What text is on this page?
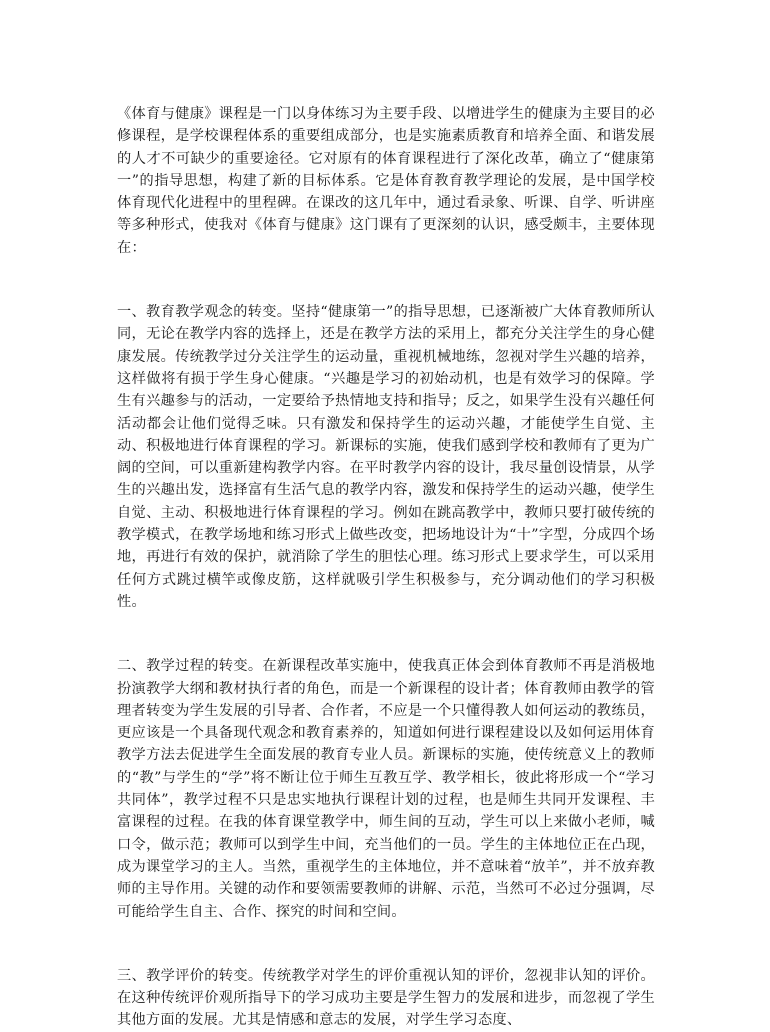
《体育与健康》课程是一门以身体练习为主要手段、以增进学生的健康为主要目的必修课程，是学校课程体系的重要组成部分，也是实施素质教育和培养全面、和谐发展的人才不可缺少的重要途径。它对原有的体育课程进行了深化改革，确立了“健康第一”的指导思想，构建了新的目标体系。它是体育教育教学理论的发展，是中国学校体育现代化进程中的里程碑。在课改的这几年中，通过看录象、听课、自学、听讲座等多种形式，使我对《体育与健康》这门课有了更深刻的认识，感受颇丰，主要体现在：

一、教育教学观念的转变。坚持“健康第一”的指导思想，已逐渐被广大体育教师所认同，无论在教学内容的选择上，还是在教学方法的采用上，都充分关注学生的身心健康发展。传统教学过分关注学生的运动量，重视机械地练，忽视对学生兴趣的培养，这样做将有损于学生身心健康。“兴趣是学习的初始动机，也是有效学习的保障。学生有兴趣参与的活动，一定要给予热情地支持和指导；反之，如果学生没有兴趣任何活动都会让他们觉得乏味。只有激发和保持学生的运动兴趣，才能使学生自觉、主动、积极地进行体育课程的学习。新课标的实施，使我们感到学校和教师有了更为广阔的空间，可以重新建构教学内容。在平时教学内容的设计，我尽量创设情景，从学生的兴趣出发，选择富有生活气息的教学内容，激发和保持学生的运动兴趣，使学生自觉、主动、积极地进行体育课程的学习。例如在跳高教学中，教师只要打破传统的教学模式，在教学场地和练习形式上做些改变，把场地设计为“十”字型，分成四个场地，再进行有效的保护，就消除了学生的胆怯心理。练习形式上要求学生，可以采用任何方式跳过横竿或像皮筋，这样就吸引学生积极参与，充分调动他们的学习积极性。

二、教学过程的转变。在新课程改革实施中，使我真正体会到体育教师不再是消极地扮演教学大纲和教材执行者的角色，而是一个新课程的设计者；体育教师由教学的管理者转变为学生发展的引导者、合作者，不应是一个只懂得教人如何运动的教练员，更应该是一个具备现代观念和教育素养的，知道如何进行课程建设以及如何运用体育教学方法去促进学生全面发展的教育专业人员。新课标的实施，使传统意义上的教师的“教”与学生的“学”将不断让位于师生互教互学、教学相长，彼此将形成一个“学习共同体”，教学过程不只是忠实地执行课程计划的过程，也是师生共同开发课程、丰富课程的过程。在我的体育课堂教学中，师生间的互动，学生可以上来做小老师，喊口令，做示范；教师可以到学生中间，充当他们的一员。学生的主体地位正在凸现，成为课堂学习的主人。当然，重视学生的主体地位，并不意味着“放羊”，并不放弃教师的主导作用。关键的动作和要领需要教师的讲解、示范，当然可不必过分强调，尽可能给学生自主、合作、探究的时间和空间。

三、教学评价的转变。传统教学对学生的评价重视认知的评价，忽视非认知的评价。在这种传统评价观所指导下的学习成功主要是学生智力的发展和进步，而忽视了学生其他方面的发展。尤其是情感和意志的发展，对学生学习态度、
